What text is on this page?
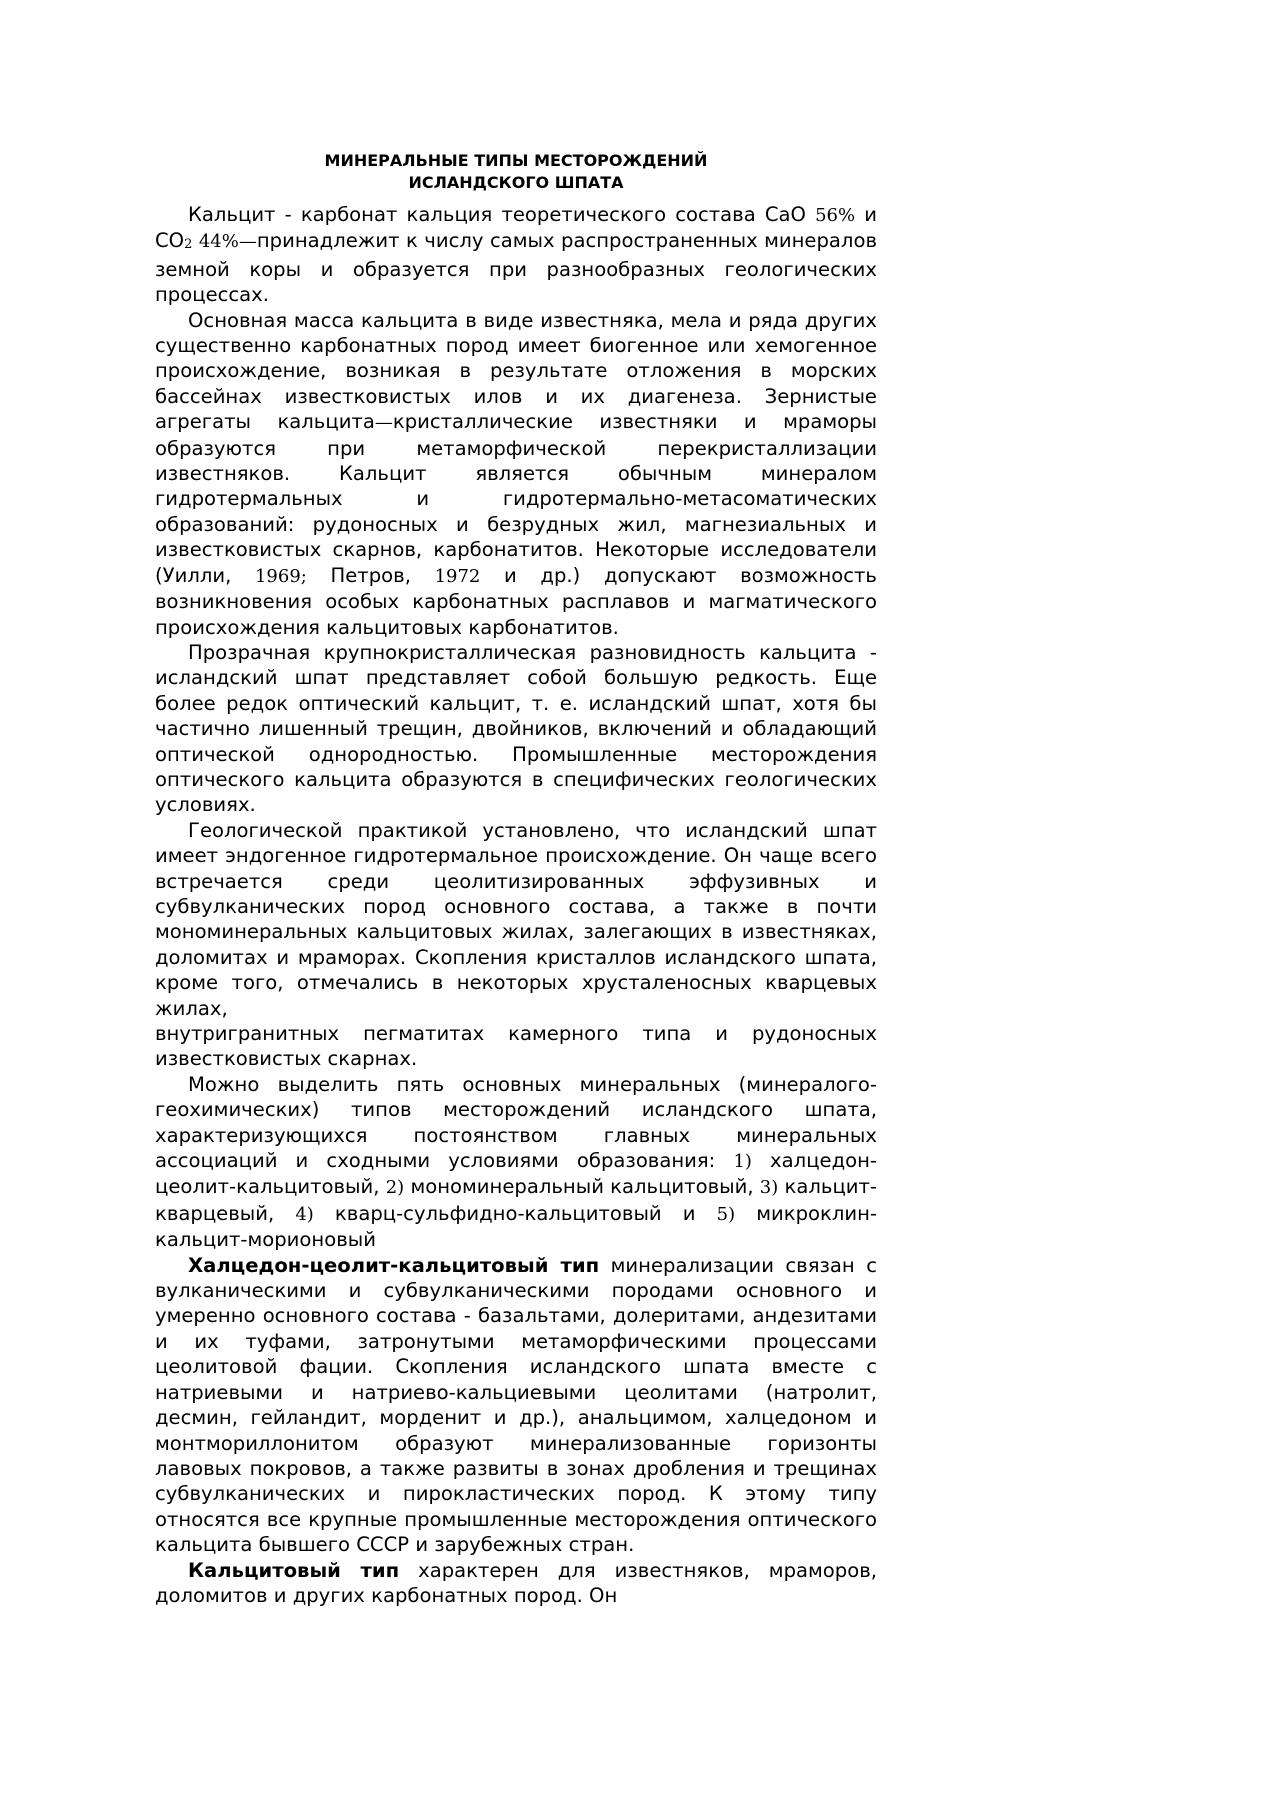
МИНЕРАЛЬНЫЕ ТИПЫ МЕСТОРОЖДЕНИЙ
ИСЛАНДСКОГО ШПАТА

Кальцит - карбонат кальция теоретического состава CaO 56% и $CO_2$ 44%—принадлежит к числу самых распространенных минералов земной коры и образуется при разнообразных геологических процессах.

Основная масса кальцита в виде известняка, мела и ряда других существенно карбонатных пород имеет биогенное или хемогенное происхождение, возникая в результате отложения в морских бассейнах известковистых илов и их диагенеза. Зернистые агрегаты кальцита—кристаллические известняки и мраморы образуются при метаморфической перекристаллизации известняков. Кальцит является обычным минералом гидротермальных и гидротермально-метасоматических образований: рудоносных и безрудных жил, магнезиальных и известковистых скарнов, карбонатитов. Некоторые исследователи (Уилли, 1969; Петров, 1972 и др.) допускают возможность возникновения особых карбонатных расплавов и магматического происхождения кальцитовых карбонатитов.

Прозрачная крупнокристаллическая разновидность кальцита - исландский шпат представляет собой большую редкость. Еще более редок оптический кальцит, т. е. исландский шпат, хотя бы частично лишенный трещин, двойников, включений и обладающий оптической однородностью. Промышленные месторождения оптического кальцита образуются в специфических геологических условиях.

Геологической практикой установлено, что исландский шпат имеет эндогенное гидротермальное происхождение. Он чаще всего встречается среди цеолитизированных эффузивных и субвулканических пород основного состава, а также в почти мономинеральных кальцитовых жилах, залегающих в известняках, доломитах и мраморах. Скопления кристаллов исландского шпата, кроме того, отмечались в некоторых хрусталеносных кварцевых жилах,
внутригранитных пегматитах камерного типа и рудоносных известковистых скарнах.

Можно выделить пять основных минеральных (минералого-геохимических) типов месторождений исландского шпата, характеризующихся постоянством главных минеральных ассоциаций и сходными условиями образования: 1) халцедон-цеолит-кальцитовый, 2) мономинеральный кальцитовый, 3) кальцит-кварцевый, 4) кварц-сульфидно-кальцитовый и 5) микроклин-кальцит-морионовый

Халцедон-цеолит-кальцитовый тип минерализации связан с вулканическими и субвулканическими породами основного и умеренно основного состава - базальтами, долеритами, андезитами и их туфами, затронутыми метаморфическими процессами цеолитовой фации. Скопления исландского шпата вместе с натриевыми и натриево-кальциевыми цеолитами (натролит, десмин, гейландит, морденит и др.), анальцимом, халцедоном и монтмориллонитом образуют минерализованные горизонты лавовых покровов, а также развиты в зонах дробления и трещинах субвулканических и пирокластических пород. К этому типу относятся все крупные промышленные месторождения оптического кальцита бывшего СССР и зарубежных стран.

Кальцитовый тип характерен для известняков, мраморов, доломитов и других карбонатных пород. Он
